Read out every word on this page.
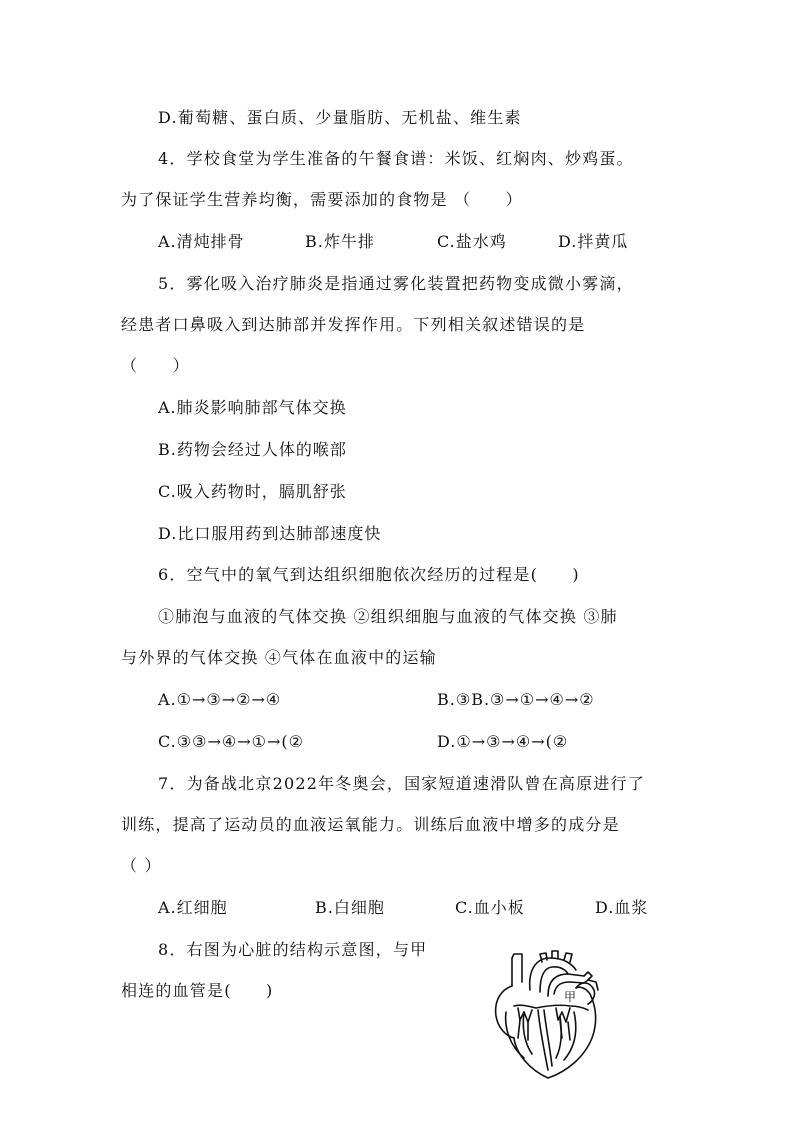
D.葡萄糖、蛋白质、少量脂肪、无机盐、维生素
4．学校食堂为学生准备的午餐食谱：米饭、红焖肉、炒鸡蛋。
为了保证学生营养均衡，需要添加的食物是 （　　）
A.清炖排骨	B.炸牛排	C.盐水鸡	D.拌黄瓜
5．雾化吸入治疗肺炎是指通过雾化装置把药物变成微小雾滴，
经患者口鼻吸入到达肺部并发挥作用。下列相关叙述错误的是
（　　）
A.肺炎影响肺部气体交换
B.药物会经过人体的喉部
C.吸入药物时，膈肌舒张
D.比口服用药到达肺部速度快
6．空气中的氧气到达组织细胞依次经历的过程是(　　)
①肺泡与血液的气体交换 ②组织细胞与血液的气体交换 ③肺
与外界的气体交换 ④气体在血液中的运输
A.①→③→②→④	B.③B.③→①→④→②
C.③③→④→①→(②	D.①→③→④→(②
7．为备战北京2022年冬奥会，国家短道速滑队曾在高原进行了
训练，提高了运动员的血液运氧能力。训练后血液中增多的成分是
（ ）
A.红细胞	B.白细胞	C.血小板	D.血浆
8．右图为心脏的结构示意图，与甲
相连的血管是(　　)	甲
